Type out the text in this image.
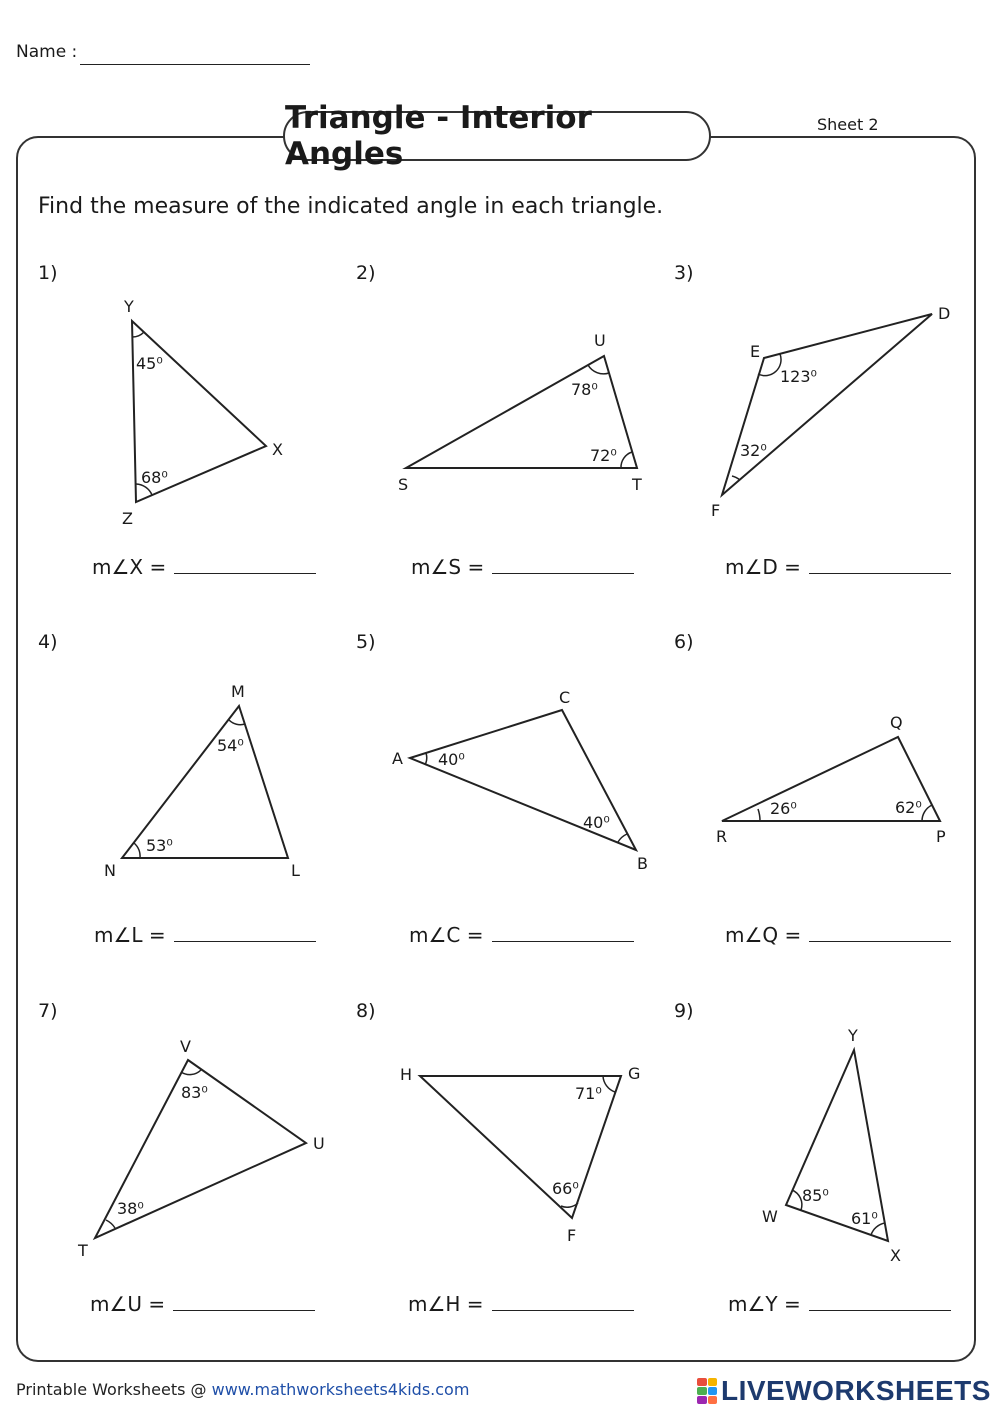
Name :
Triangle - Interior Angles
Sheet 2
Find the measure of the indicated angle in each triangle.
1)
Y
X
Z
45⁰
68⁰
m∠X =
2)
U
T
S
78⁰
72⁰
m∠S =
3)
E
D
F
123⁰
32⁰
m∠D =
4)
M
L
N
54⁰
53⁰
m∠L =
5)
A
C
B
40⁰
40⁰
m∠C =
6)
Q
R	P
26⁰	62⁰
m∠Q =
7)
V
U
T
83⁰
38⁰
m∠U =
8)
H	G
F
71⁰
66⁰
m∠H =
9)
Y
W
X
85⁰
61⁰
m∠Y =
Printable Worksheets @ www.mathworksheets4kids.com	LIVEWORKSHEETS
